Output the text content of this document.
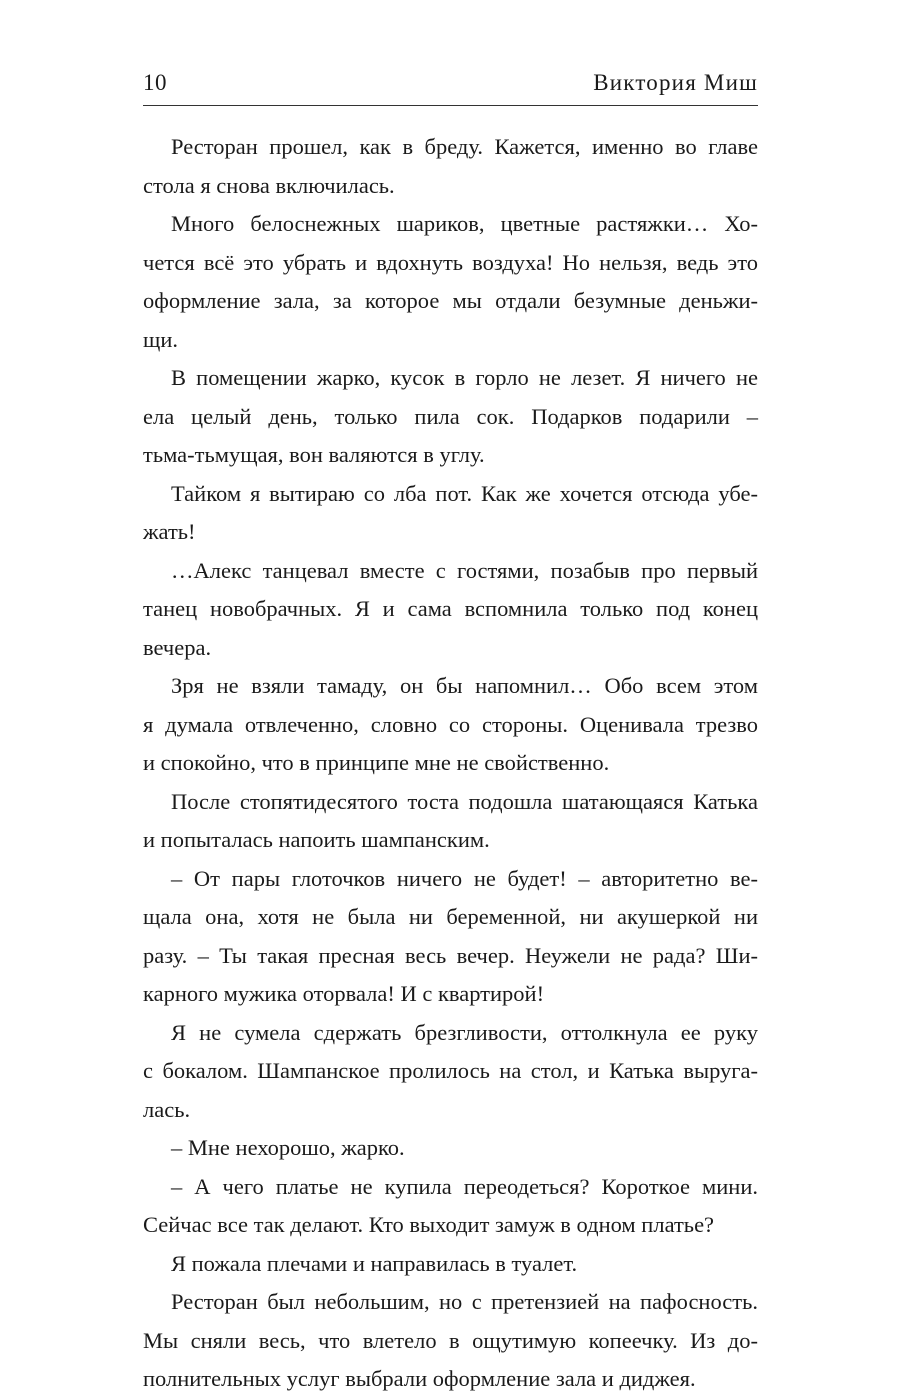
10	Виктория Миш

Ресторан прошел, как в бреду. Кажется, именно во главе
стола я снова включилась.

Много белоснежных шариков, цветные растяжки… Хо-
чется всё это убрать и вдохнуть воздуха! Но нельзя, ведь это
оформление зала, за которое мы отдали безумные деньжи-
щи.

В помещении жарко, кусок в горло не лезет. Я ничего не
ела целый день, только пила сок. Подарков подарили –
тьма-тьмущая, вон валяются в углу.

Тайком я вытираю со лба пот. Как же хочется отсюда убе-
жать!

…Алекс танцевал вместе с гостями, позабыв про первый
танец новобрачных. Я и сама вспомнила только под конец
вечера.

Зря не взяли тамаду, он бы напомнил… Обо всем этом
я думала отвлеченно, словно со стороны. Оценивала трезво
и спокойно, что в принципе мне не свойственно.

После стопятидесятого тоста подошла шатающаяся Катька
и попыталась напоить шампанским.

– От пары глоточков ничего не будет! – авторитетно ве-
щала она, хотя не была ни беременной, ни акушеркой ни
разу. – Ты такая пресная весь вечер. Неужели не рада? Ши-
карного мужика оторвала! И с квартирой!

Я не сумела сдержать брезгливости, оттолкнула ее руку
с бокалом. Шампанское пролилось на стол, и Катька выруга-
лась.

– Мне нехорошо, жарко.

– А чего платье не купила переодеться? Короткое мини.
Сейчас все так делают. Кто выходит замуж в одном платье?

Я пожала плечами и направилась в туалет.

Ресторан был небольшим, но с претензией на пафосность.
Мы сняли весь, что влетело в ощутимую копеечку. Из до-
полнительных услуг выбрали оформление зала и диджея.
